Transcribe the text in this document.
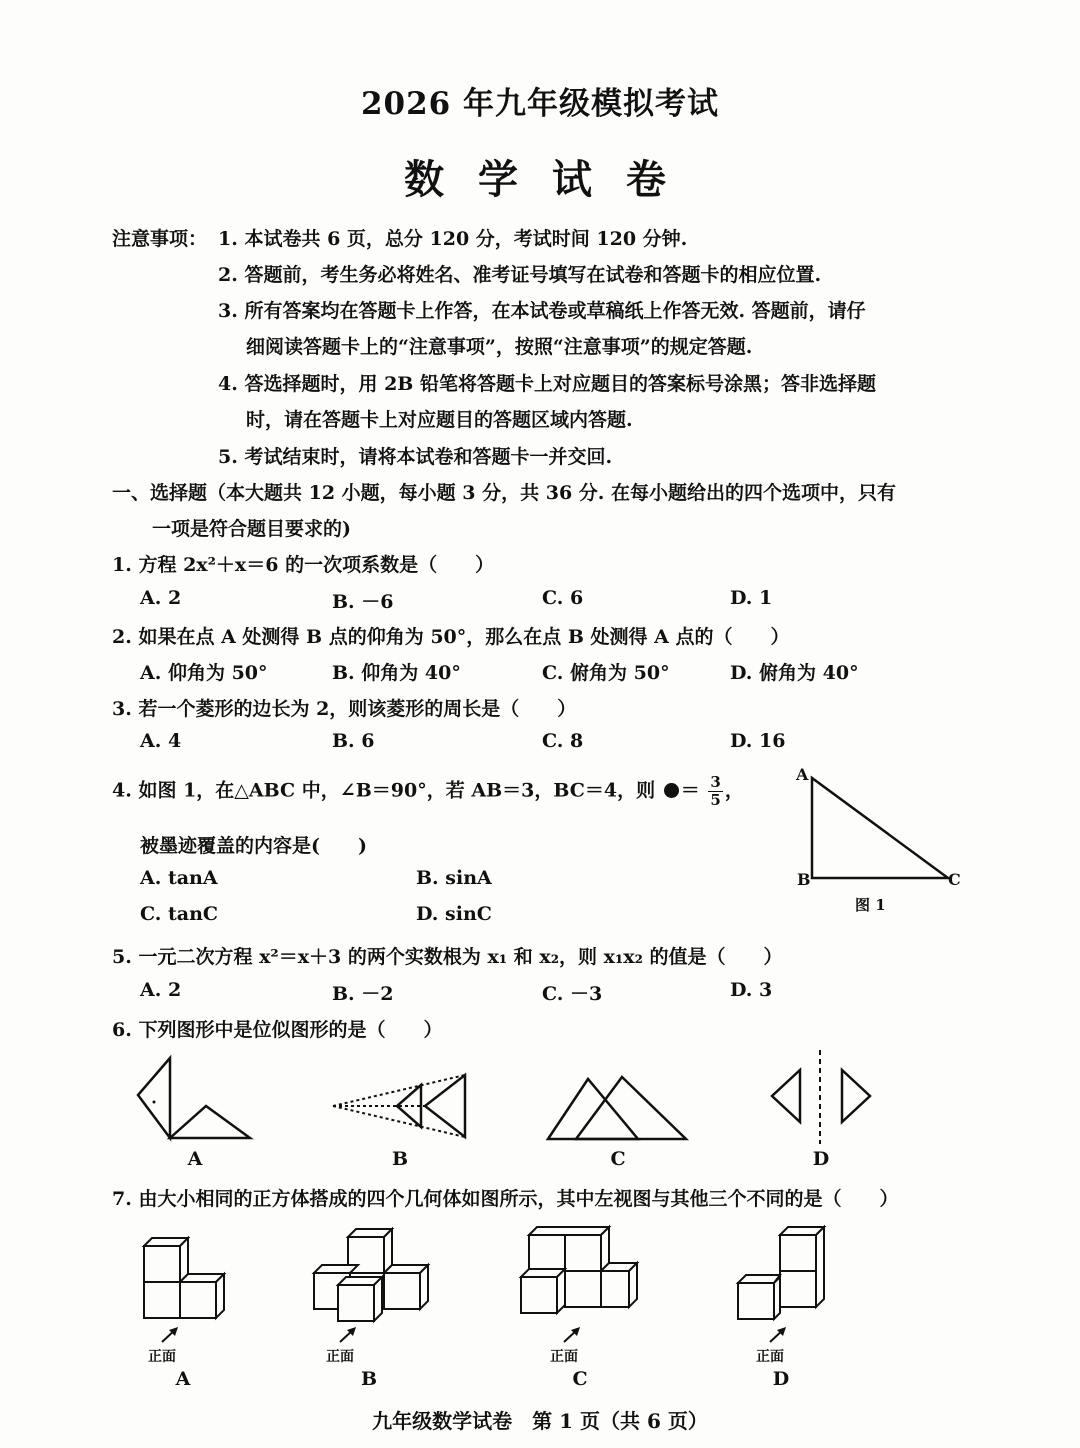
2026 年九年级模拟考试
数 学 试 卷
注意事项： 1. 本试卷共 6 页，总分 120 分，考试时间 120 分钟.
2. 答题前，考生务必将姓名、准考证号填写在试卷和答题卡的相应位置.
3. 所有答案均在答题卡上作答，在本试卷或草稿纸上作答无效. 答题前，请仔
细阅读答题卡上的“注意事项”，按照“注意事项”的规定答题.
4. 答选择题时，用 2B 铅笔将答题卡上对应题目的答案标号涂黑；答非选择题
时，请在答题卡上对应题目的答题区域内答题.
5. 考试结束时，请将本试卷和答题卡一并交回.
一、选择题（本大题共 12 小题，每小题 3 分，共 36 分. 在每小题给出的四个选项中，只有
一项是符合题目要求的)
1. 方程 2x²＋x＝6 的一次项系数是（　　）
A. 2	B. －6	C. 6	D. 1
2. 如果在点 A 处测得 B 点的仰角为 50°，那么在点 B 处测得 A 点的（　　）
A. 仰角为 50°	B. 仰角为 40°	C. 俯角为 50°	D. 俯角为 40°
3. 若一个菱形的边长为 2，则该菱形的周长是（　　）
A. 4	B. 6	C. 8	D. 16
4. 如图 1，在△ABC 中，∠B＝90°，若 AB＝3，BC＝4，则 ＝ $\frac{3}{5}$ ，
被墨迹覆盖的内容是(　　)
A. tanA	B. sinA
C. tanC	D. sinC
A
B	C
图 1
5. 一元二次方程 x²＝x＋3 的两个实数根为 x₁ 和 x₂，则 x₁x₂ 的值是（　　）
A. 2	B. －2	C. －3	D. 3
6. 下列图形中是位似图形的是（　　）
A	B	C	D
7. 由大小相同的正方体搭成的四个几何体如图所示，其中左视图与其他三个不同的是（　　）
正面	正面	正面	正面
A	B	C	D
九年级数学试卷　第 1 页（共 6 页）
